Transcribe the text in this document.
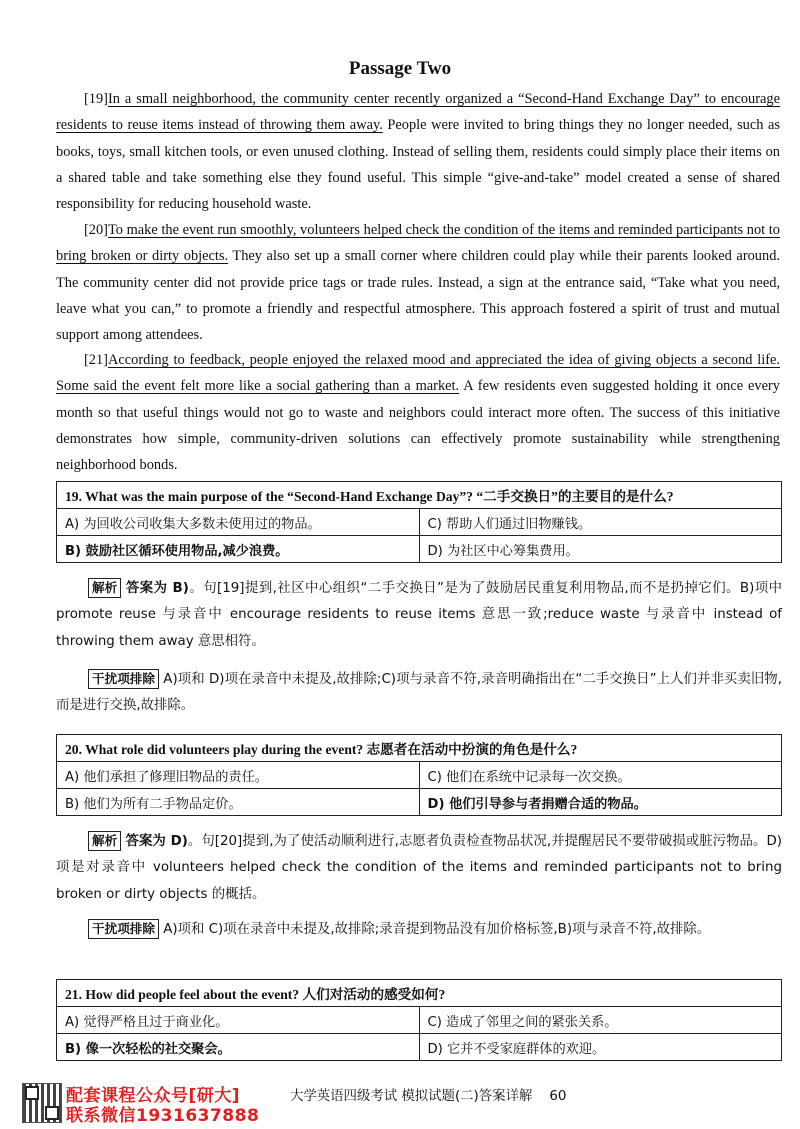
Passage Two

[19]In a small neighborhood, the community center recently organized a “Second-Hand Exchange Day” to encourage residents to reuse items instead of throwing them away. People were invited to bring things they no longer needed, such as books, toys, small kitchen tools, or even unused clothing. Instead of selling them, residents could simply place their items on a shared table and take something else they found useful. This simple “give-and-take” model created a sense of shared responsibility for reducing household waste.

[20]To make the event run smoothly, volunteers helped check the condition of the items and reminded participants not to bring broken or dirty objects. They also set up a small corner where children could play while their parents looked around. The community center did not provide price tags or trade rules. Instead, a sign at the entrance said, “Take what you need, leave what you can,” to promote a friendly and respectful atmosphere. This approach fostered a spirit of trust and mutual support among attendees.

[21]According to feedback, people enjoyed the relaxed mood and appreciated the idea of giving objects a second life. Some said the event felt more like a social gathering than a market. A few residents even suggested holding it once every month so that useful things would not go to waste and neighbors could interact more often. The success of this initiative demonstrates how simple, community-driven solutions can effectively promote sustainability while strengthening neighborhood bonds.

19. What was the main purpose of the “Second-Hand Exchange Day”? “二手交换日”的主要目的是什么?	
A) 为回收公司收集大多数未使用过的物品。	C) 帮助人们通过旧物赚钱。
B) 鼓励社区循环使用物品,减少浪费。	D) 为社区中心筹集费用。

解析 答案为 B)。句[19]提到,社区中心组织“二手交换日”是为了鼓励居民重复利用物品,而不是扔掉它们。B)项中 promote reuse 与录音中 encourage residents to reuse items 意思一致;reduce waste 与录音中 instead of throwing them away 意思相符。

干扰项排除 A)项和 D)项在录音中未提及,故排除;C)项与录音不符,录音明确指出在“二手交换日”上人们并非买卖旧物,而是进行交换,故排除。

20. What role did volunteers play during the event? 志愿者在活动中扮演的角色是什么?	
A) 他们承担了修理旧物品的责任。	C) 他们在系统中记录每一次交换。
B) 他们为所有二手物品定价。	D) 他们引导参与者捐赠合适的物品。

解析 答案为 D)。句[20]提到,为了使活动顺利进行,志愿者负责检查物品状况,并提醒居民不要带破损或脏污物品。D)项是对录音中 volunteers helped check the condition of the items and reminded participants not to bring broken or dirty objects 的概括。

干扰项排除 A)项和 C)项在录音中未提及,故排除;录音提到物品没有加价格标签,B)项与录音不符,故排除。

21. How did people feel about the event? 人们对活动的感受如何?	
A) 觉得严格且过于商业化。	C) 造成了邻里之间的紧张关系。
B) 像一次轻松的社交聚会。	D) 它并不受家庭群体的欢迎。
配套课程公众号[研大]
联系微信1931637888
大学英语四级考试 模拟试题(二)答案详解 60
